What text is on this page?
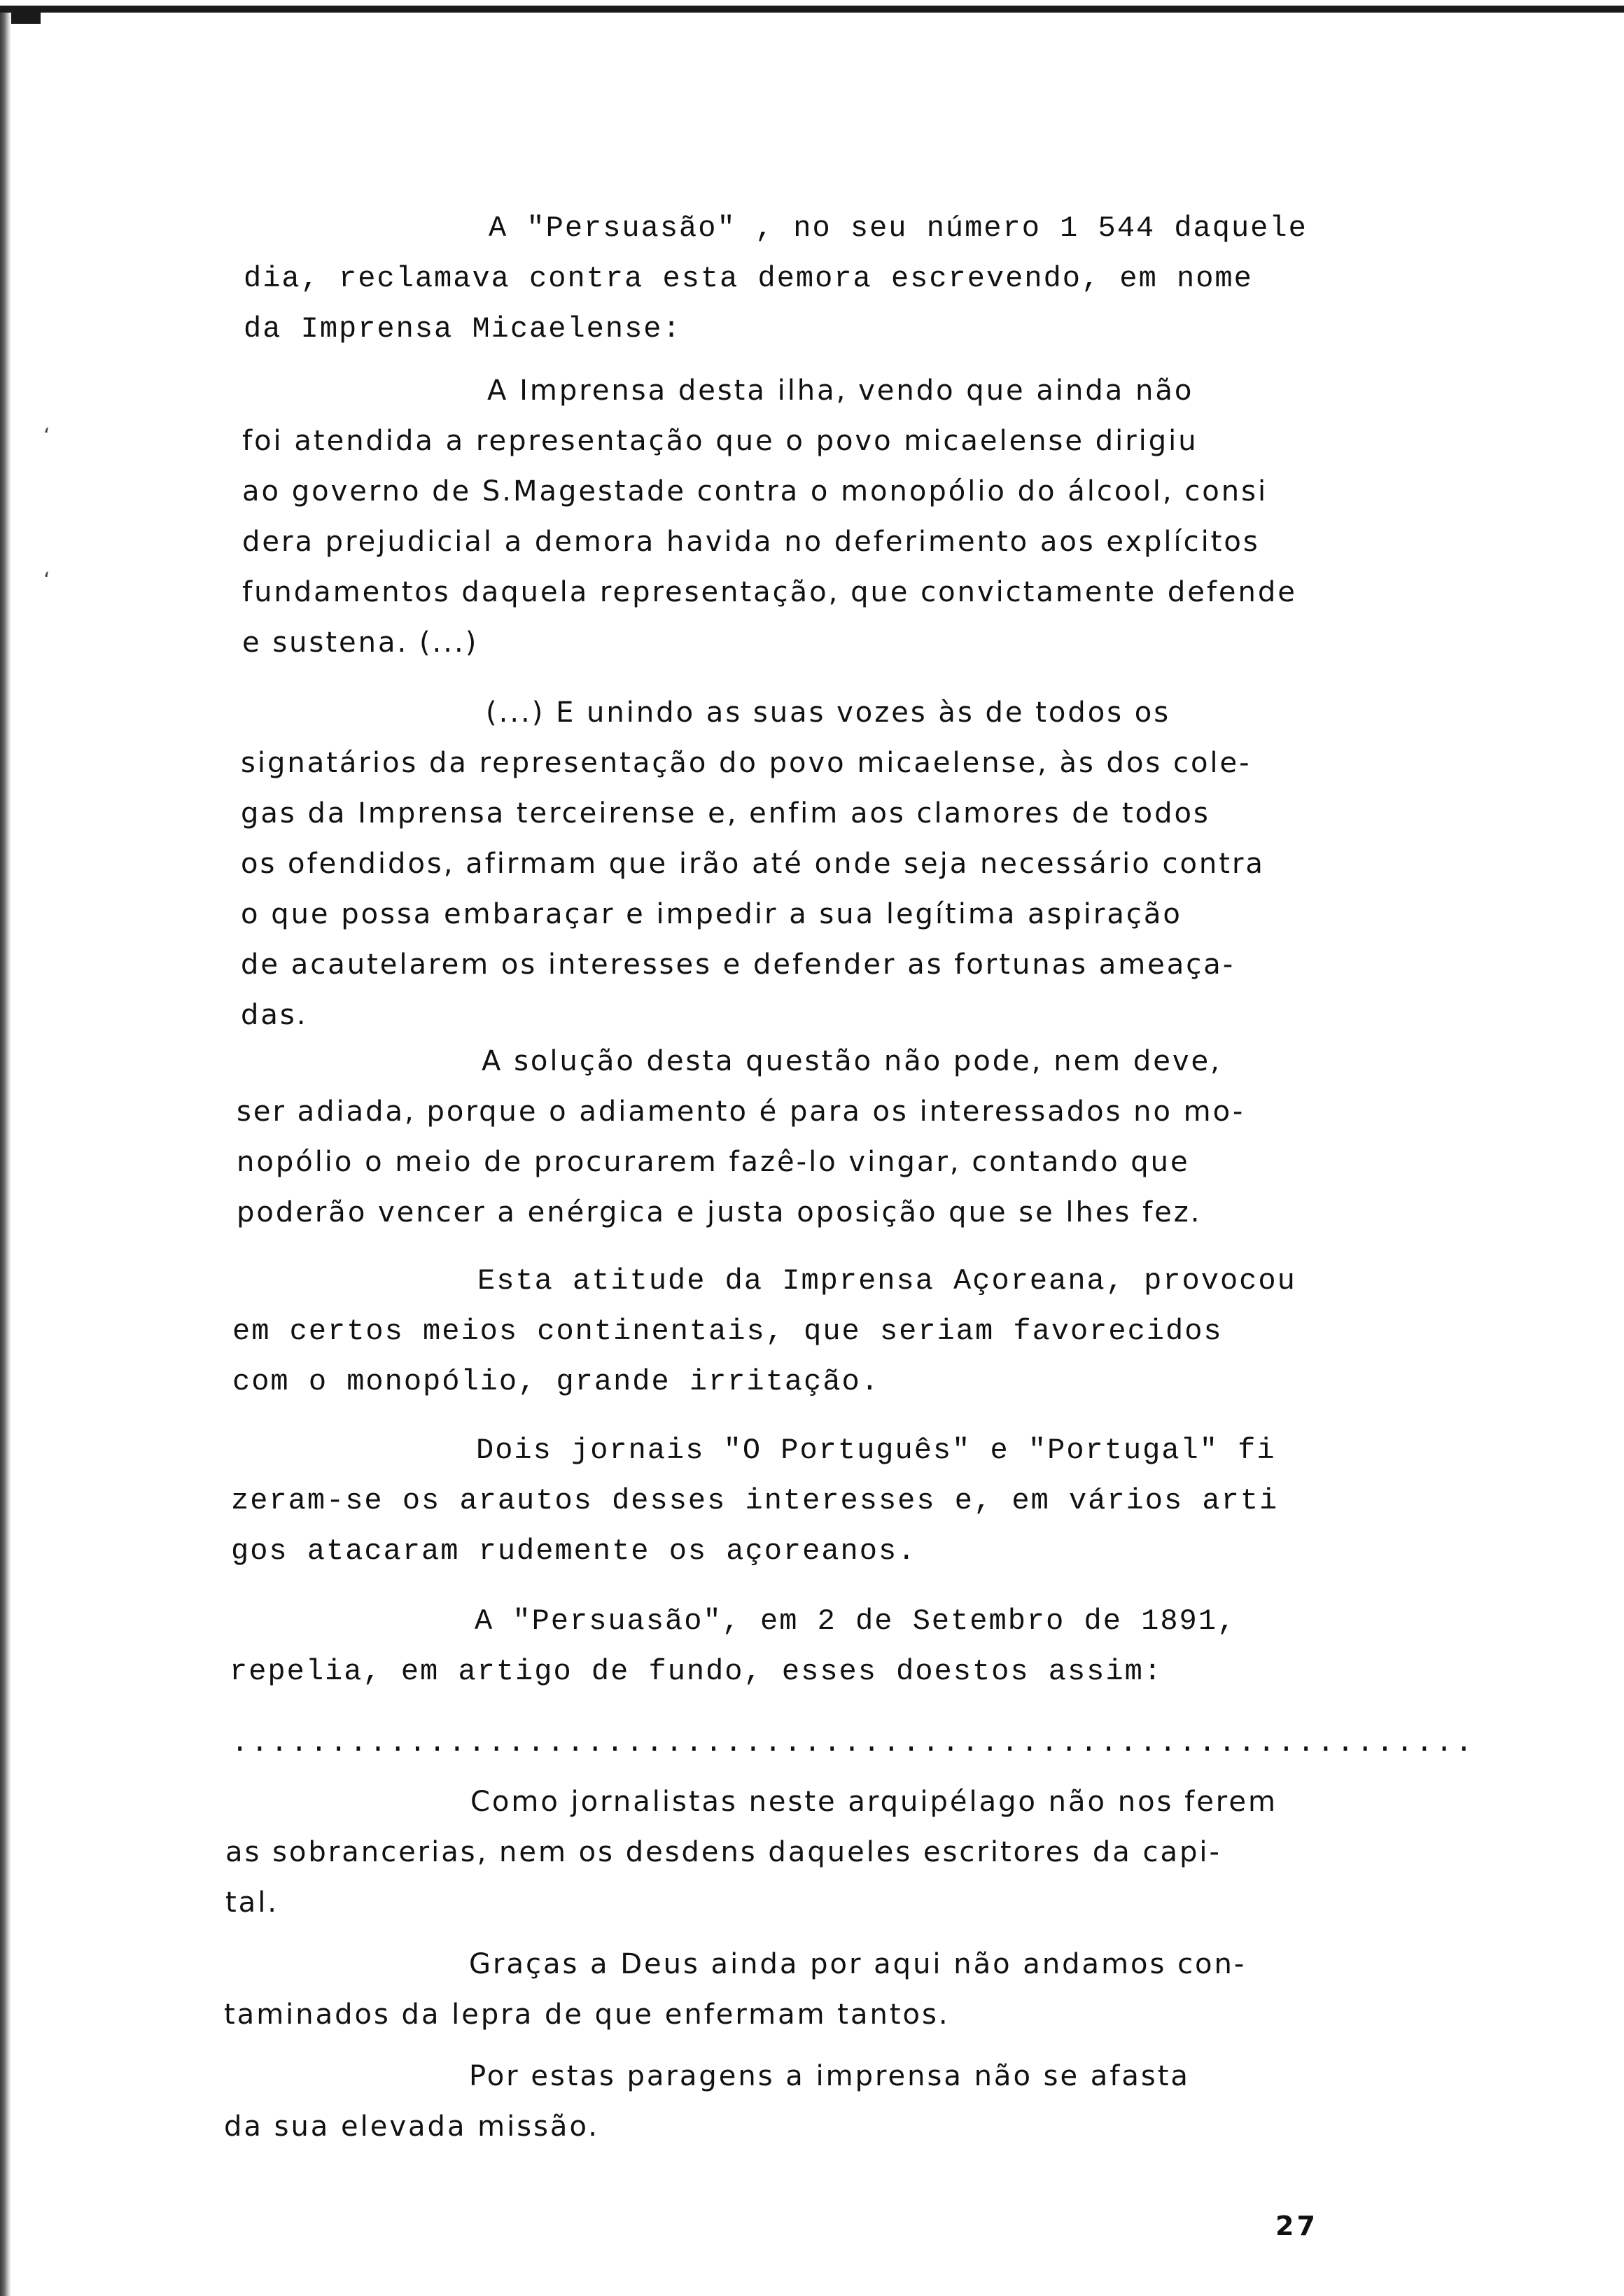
‘
‘
A "Persuasão" , no seu número 1 544 daquele
dia, reclamava contra esta demora escrevendo, em nome
da Imprensa Micaelense:
A Imprensa desta ilha, vendo que ainda não
foi atendida a representação que o povo micaelense dirigiu
ao governo de S.Magestade contra o monopólio do álcool, consi
dera prejudicial a demora havida no deferimento aos explícitos
fundamentos daquela representação, que convictamente defende
e sustena. (...)
(...) E unindo as suas vozes às de todos os
signatários da representação do povo micaelense, às dos cole-
gas da Imprensa terceirense e, enfim aos clamores de todos
os ofendidos, afirmam que irão até onde seja necessário contra
o que possa embaraçar e impedir a sua legítima aspiração
de acautelarem os interesses e defender as fortunas ameaça-
das.
A solução desta questão não pode, nem deve,
ser adiada, porque o adiamento é para os interessados no mo-
nopólio o meio de procurarem fazê-lo vingar, contando que
poderão vencer a enérgica e justa oposição que se lhes fez.
Esta atitude da Imprensa Açoreana, provocou
em certos meios continentais, que seriam favorecidos
com o monopólio, grande irritação.
Dois jornais "O Português" e "Portugal" fi
zeram-se os arautos desses interesses e, em vários arti
gos atacaram rudemente os açoreanos.
A "Persuasão", em 2 de Setembro de 1891,
repelia, em artigo de fundo, esses doestos assim:
...............................................................
Como jornalistas neste arquipélago não nos ferem
as sobrancerias, nem os desdens daqueles escritores da capi-
tal.
Graças a Deus ainda por aqui não andamos con-
taminados da lepra de que enfermam tantos.
Por estas paragens a imprensa não se afasta
da sua elevada missão.
27
